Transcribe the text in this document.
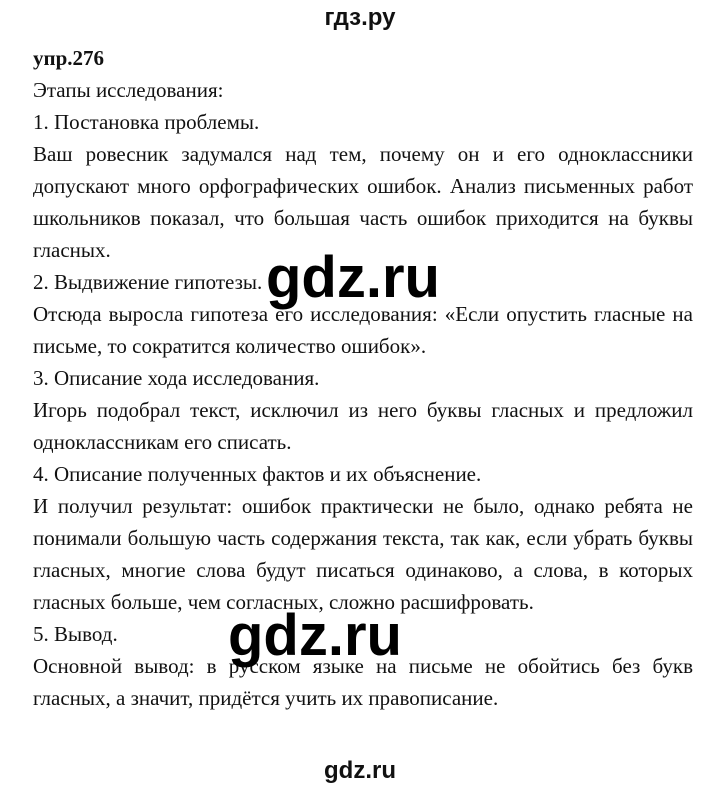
гдз.ру
упр.276

Этапы исследования:

1. Постановка проблемы.

Ваш ровесник задумался над тем, почему он и его одноклассники допускают много орфографических ошибок. Анализ письменных работ школьников показал, что большая часть ошибок приходится на буквы гласных.

2. Выдвижение гипотезы.

Отсюда выросла гипотеза его исследования: «Если опустить гласные на письме, то сократится количество ошибок».

3. Описание хода исследования.

Игорь подобрал текст, исключил из него буквы гласных и предложил одноклассникам его списать.

4. Описание полученных фактов и их объяснение.

И получил результат: ошибок практически не было, однако ребята не понимали большую часть содержания текста, так как, если убрать буквы гласных, многие слова будут писаться одинаково, а слова, в которых гласных больше, чем согласных, сложно расшифровать.

5. Вывод.

Основной вывод: в русском языке на письме не обойтись без букв гласных, а значит, придётся учить их правописание.

gdz.ru
gdz.ru
gdz.ru
